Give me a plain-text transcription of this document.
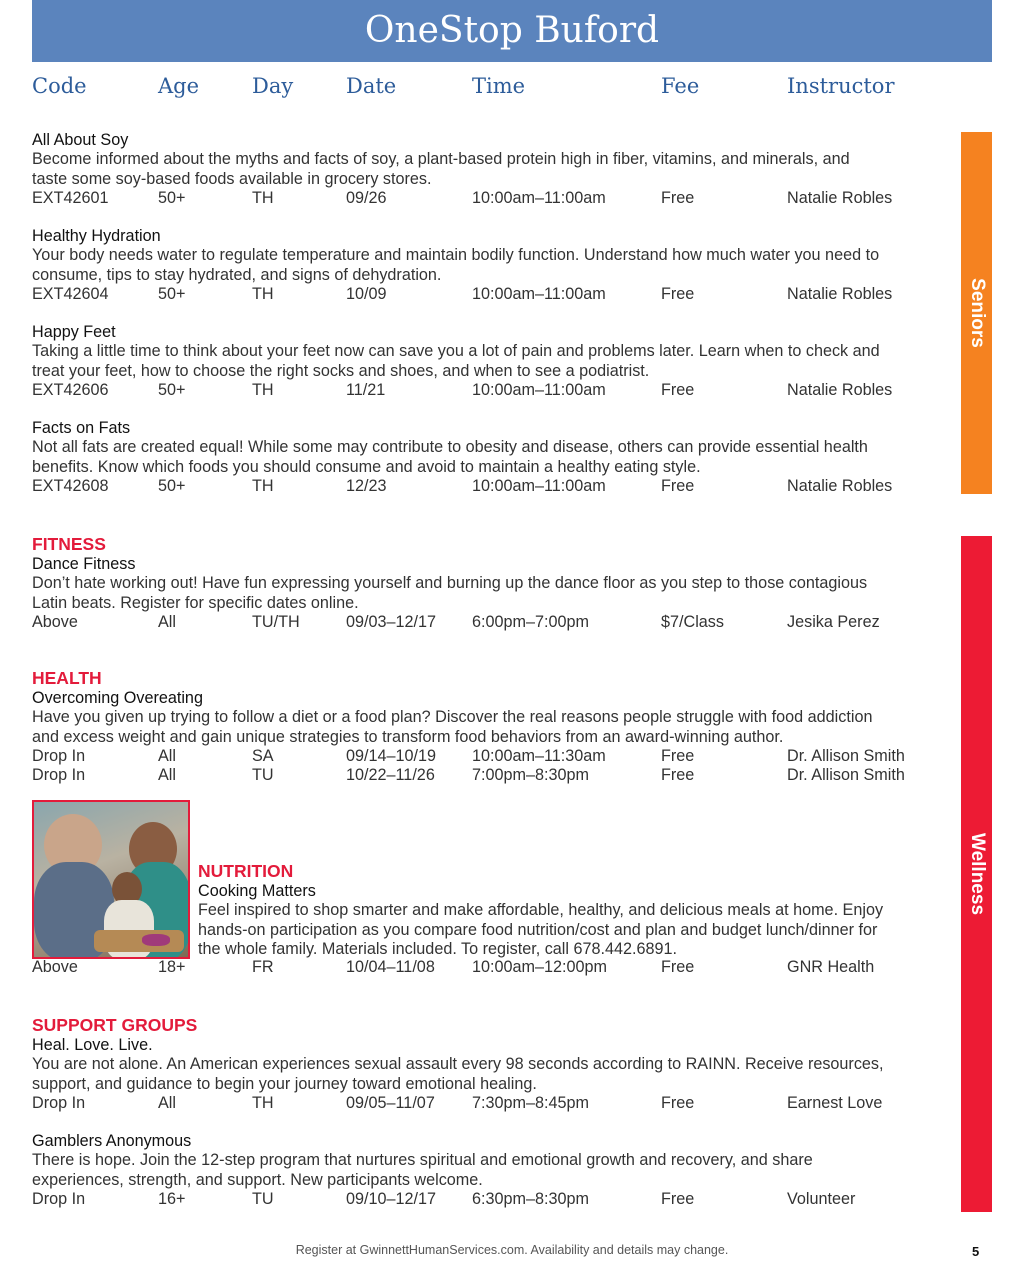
OneStop Buford
Code	Age	Day	Date	Time	Fee	Instructor
Seniors
Wellness
All About Soy
Become informed about the myths and facts of soy, a plant-based protein high in fiber, vitamins, and minerals, and
taste some soy-based foods available in grocery stores.
EXT42601	50+	TH	09/26	10:00am–11:00am	Free	Natalie Robles
Healthy Hydration
Your body needs water to regulate temperature and maintain bodily function. Understand how much water you need to
consume, tips to stay hydrated, and signs of dehydration.
EXT42604	50+	TH	10/09	10:00am–11:00am	Free	Natalie Robles
Happy Feet
Taking a little time to think about your feet now can save you a lot of pain and problems later. Learn when to check and
treat your feet, how to choose the right socks and shoes, and when to see a podiatrist.
EXT42606	50+	TH	11/21	10:00am–11:00am	Free	Natalie Robles
Facts on Fats
Not all fats are created equal! While some may contribute to obesity and disease, others can provide essential health
benefits. Know which foods you should consume and avoid to maintain a healthy eating style.
EXT42608	50+	TH	12/23	10:00am–11:00am	Free	Natalie Robles
FITNESS
Dance Fitness
Don’t hate working out! Have fun expressing yourself and burning up the dance floor as you step to those contagious
Latin beats. Register for specific dates online.
Above	All	TU/TH	09/03–12/17 6:00pm–7:00pm	$7/Class	Jesika Perez
HEALTH
Overcoming Overeating
Have you given up trying to follow a diet or a food plan? Discover the real reasons people struggle with food addiction
and excess weight and gain unique strategies to transform food behaviors from an award-winning author.
Drop In	All	SA	09/14–10/19 10:00am–11:30am	Free	Dr. Allison Smith
Drop In	All	TU	10/22–11/26 7:00pm–8:30pm	Free	Dr. Allison Smith
NUTRITION
Cooking Matters
Feel inspired to shop smarter and make affordable, healthy, and delicious meals at home. Enjoy
hands-on participation as you compare food nutrition/cost and plan and budget lunch/dinner for
the whole family. Materials included. To register, call 678.442.6891.
Above	18+	FR	10/04–11/08 10:00am–12:00pm	Free	GNR Health
SUPPORT GROUPS
Heal. Love. Live.
You are not alone. An American experiences sexual assault every 98 seconds according to RAINN. Receive resources,
support, and guidance to begin your journey toward emotional healing.
Drop In	All	TH	09/05–11/07 7:30pm–8:45pm	Free	Earnest Love
Gamblers Anonymous
There is hope. Join the 12-step program that nurtures spiritual and emotional growth and recovery, and share
experiences, strength, and support. New participants welcome.
Drop In	16+	TU	09/10–12/17 6:30pm–8:30pm	Free	Volunteer
Register at GwinnettHumanServices.com. Availability and details may change.	5
